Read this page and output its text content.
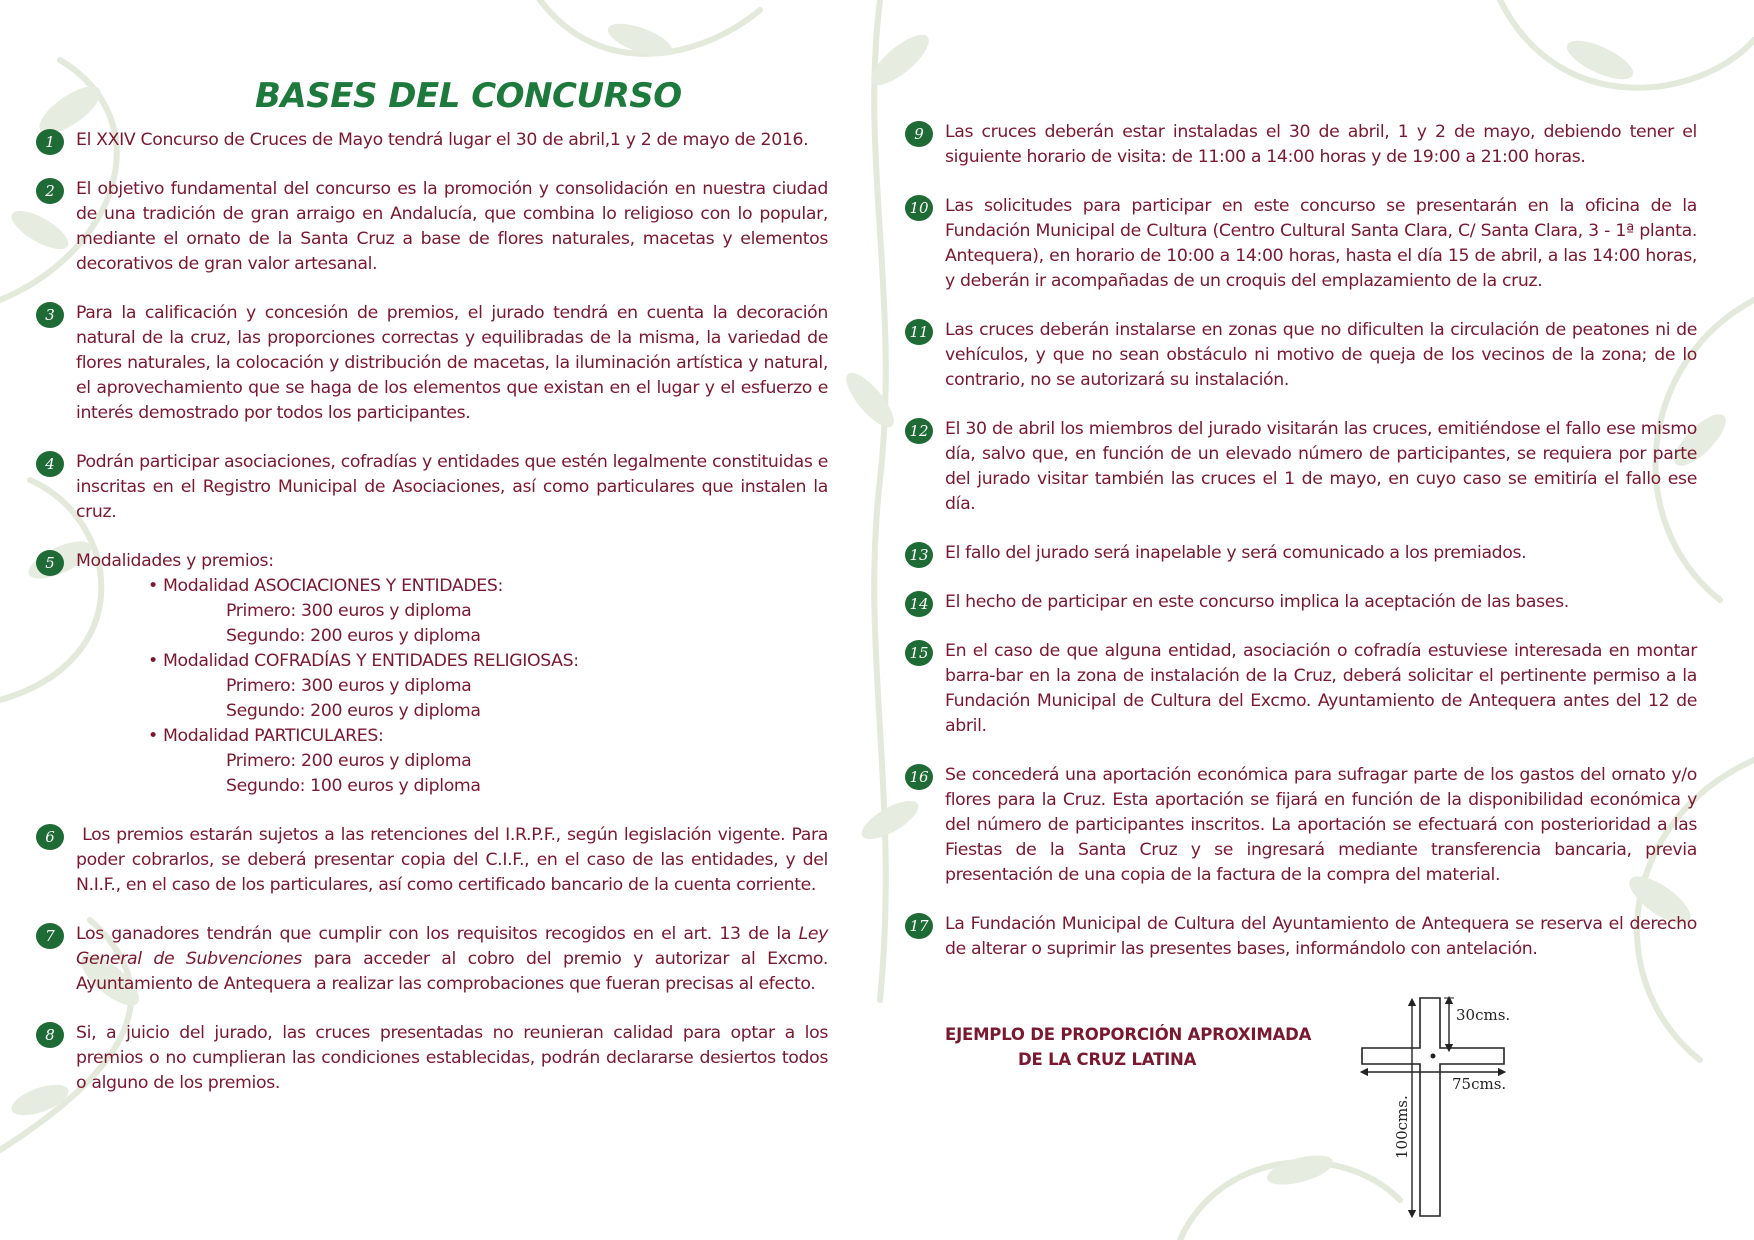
BASES DEL CONCURSO
1	El XXIV Concurso de Cruces de Mayo tendrá lugar el 30 de abril,1 y 2 de mayo de 2016.

2	El objetivo fundamental del concurso es la promoción y consolidación en nuestra ciudad de una tradición de gran arraigo en Andalucía, que combina lo religioso con lo popular, mediante el ornato de la Santa Cruz a base de flores naturales, macetas y elementos decorativos de gran valor artesanal.

3	Para la calificación y concesión de premios, el jurado tendrá en cuenta la decoración natural de la cruz, las proporciones correctas y equilibradas de la misma, la variedad de flores naturales, la colocación y distribución de macetas, la iluminación artística y natural, el aprovechamiento que se haga de los elementos que existan en el lugar y el esfuerzo e interés demostrado por todos los participantes.

4	Podrán participar asociaciones, cofradías y entidades que estén legalmente constituidas e inscritas en el Registro Municipal de Asociaciones, así como particulares que instalen la cruz.

5	Modalidades y premios:
• Modalidad ASOCIACIONES Y ENTIDADES:
Primero: 300 euros y diploma
Segundo: 200 euros y diploma
• Modalidad COFRADÍAS Y ENTIDADES RELIGIOSAS:
Primero: 300 euros y diploma
Segundo: 200 euros y diploma
• Modalidad PARTICULARES:
Primero: 200 euros y diploma
Segundo: 100 euros y diploma
6	Los premios estarán sujetos a las retenciones del I.R.P.F., según legislación vigente. Para poder cobrarlos, se deberá presentar copia del C.I.F., en el caso de las entidades, y del N.I.F., en el caso de los particulares, así como certificado bancario de la cuenta corriente.

7	Los ganadores tendrán que cumplir con los requisitos recogidos en el art. 13 de la Ley General de Subvenciones para acceder al cobro del premio y autorizar al Excmo. Ayuntamiento de Antequera a realizar las comprobaciones que fueran precisas al efecto.

8	Si, a juicio del jurado, las cruces presentadas no reunieran calidad para optar a los premios o no cumplieran las condiciones establecidas, podrán declararse desiertos todos o alguno de los premios.

9	Las cruces deberán estar instaladas el 30 de abril, 1 y 2 de mayo, debiendo tener el siguiente horario de visita: de 11:00 a 14:00 horas y de 19:00 a 21:00 horas.

10 Las solicitudes para participar en este concurso se presentarán en la oficina de la Fundación Municipal de Cultura (Centro Cultural Santa Clara, C/ Santa Clara, 3 - 1ª planta. Antequera), en horario de 10:00 a 14:00 horas, hasta el día 15 de abril, a las 14:00 horas, y deberán ir acompañadas de un croquis del emplazamiento de la cruz.

11 Las cruces deberán instalarse en zonas que no dificulten la circulación de peatones ni de vehículos, y que no sean obstáculo ni motivo de queja de los vecinos de la zona; de lo contrario, no se autorizará su instalación.

12 El 30 de abril los miembros del jurado visitarán las cruces, emitiéndose el fallo ese mismo día, salvo que, en función de un elevado número de participantes, se requiera por parte del jurado visitar también las cruces el 1 de mayo, en cuyo caso se emitiría el fallo ese día.

13 El fallo del jurado será inapelable y será comunicado a los premiados.

14 El hecho de participar en este concurso implica la aceptación de las bases.

15 En el caso de que alguna entidad, asociación o cofradía estuviese interesada en montar barra-bar en la zona de instalación de la Cruz, deberá solicitar el pertinente permiso a la Fundación Municipal de Cultura del Excmo. Ayuntamiento de Antequera antes del 12 de abril.

16 Se concederá una aportación económica para sufragar parte de los gastos del ornato y/o flores para la Cruz. Esta aportación se fijará en función de la disponibilidad económica y del número de participantes inscritos. La aportación se efectuará con posterioridad a las Fiestas de la Santa Cruz y se ingresará mediante transferencia bancaria, previa presentación de una copia de la factura de la compra del material.

17 La Fundación Municipal de Cultura del Ayuntamiento de Antequera se reserva el derecho de alterar o suprimir las presentes bases, informándolo con antelación.

EJEMPLO DE PROPORCIÓN APROXIMADA
DE LA CRUZ LATINA

30cms.
75cms.
100cms.
